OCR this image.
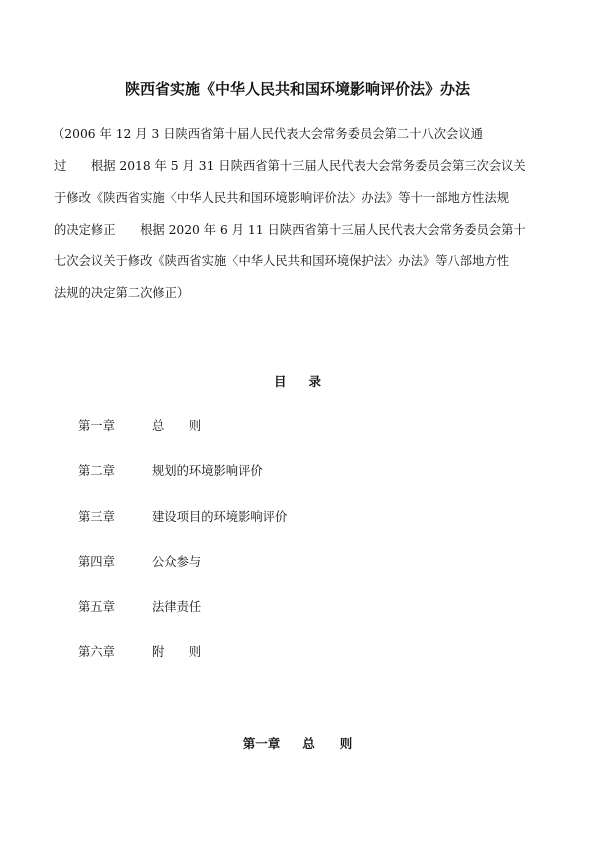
陕西省实施《中华人民共和国环境影响评价法》办法
（2006 年 12 月 3 日陕西省第十届人民代表大会常务委员会第二十八次会议通
过　　根据 2018 年 5 月 31 日陕西省第十三届人民代表大会常务委员会第三次会议关
于修改《陕西省实施〈中华人民共和国环境影响评价法〉办法》等十一部地方性法规
的决定修正　　根据 2020 年 6 月 11 日陕西省第十三届人民代表大会常务委员会第十
七次会议关于修改《陕西省实施〈中华人民共和国环境保护法〉办法》等八部地方性
法规的决定第二次修正）
目 录
第一章	总　　则
第二章	规划的环境影响评价
第三章	建设项目的环境影响评价
第四章	公众参与
第五章	法律责任
第六章	附　　则
第一章 总　　则
